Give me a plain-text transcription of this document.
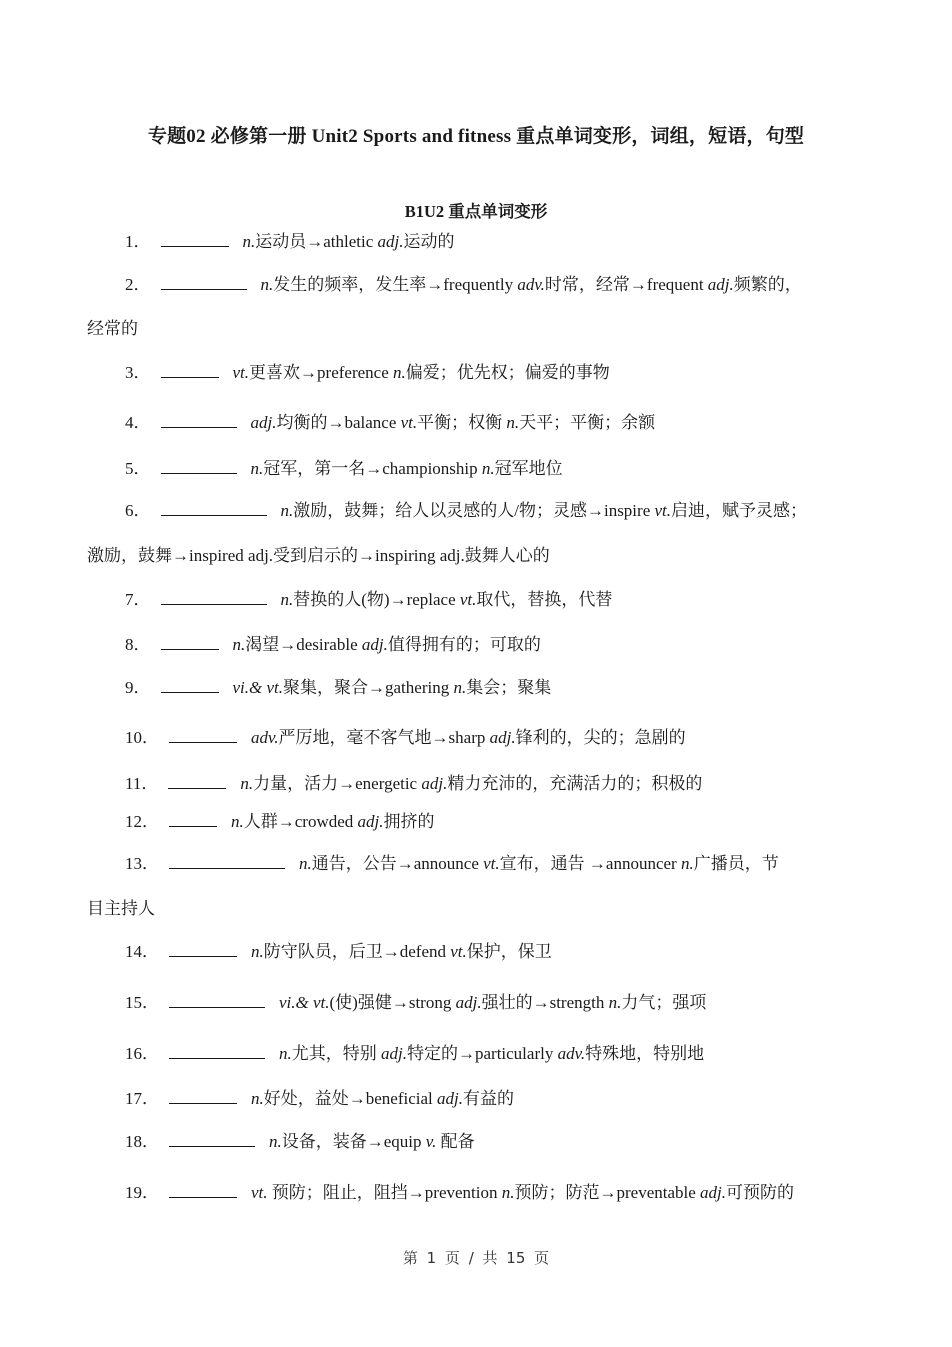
专题02 必修第一册 Unit2 Sports and fitness 重点单词变形，词组，短语，句型
B1U2 重点单词变形
1．	n.运动员→athletic adj.运动的
2．	n.发生的频率，发生率→frequently adv.时常，经常→frequent adj.频繁的，
经常的
3．	vt.更喜欢→preference n.偏爱；优先权；偏爱的事物
4．	adj.均衡的→balance vt.平衡；权衡 n.天平；平衡；余额
5．	n.冠军，第一名→championship n.冠军地位
6．	n.激励，鼓舞；给人以灵感的人/物；灵感→inspire vt.启迪，赋予灵感；
激励，鼓舞→inspired adj.受到启示的→inspiring adj.鼓舞人心的
7．	n.替换的人(物)→replace vt.取代，替换，代替
8．	n.渴望→desirable adj.值得拥有的；可取的
9．	vi.& vt.聚集，聚合→gathering n.集会；聚集
10．	adv.严厉地，毫不客气地→sharp adj.锋利的，尖的；急剧的
11．	n.力量，活力→energetic adj.精力充沛的，充满活力的；积极的
12．	n.人群→crowded adj.拥挤的
13．	n.通告，公告→announce vt.宣布，通告 →announcer n.广播员，节
目主持人
14．	n.防守队员，后卫→defend vt.保护，保卫
15．	vi.& vt.(使)强健→strong adj.强壮的→strength n.力气；强项
16．	n.尤其，特别 adj.特定的→particularly adv.特殊地，特别地
17．	n.好处，益处→beneficial adj.有益的
18．	n.设备，装备→equip v. 配备
19．	vt. 预防；阻止，阻挡→prevention n.预防；防范→preventable adj.可预防的
第 1 页 / 共 15 页
